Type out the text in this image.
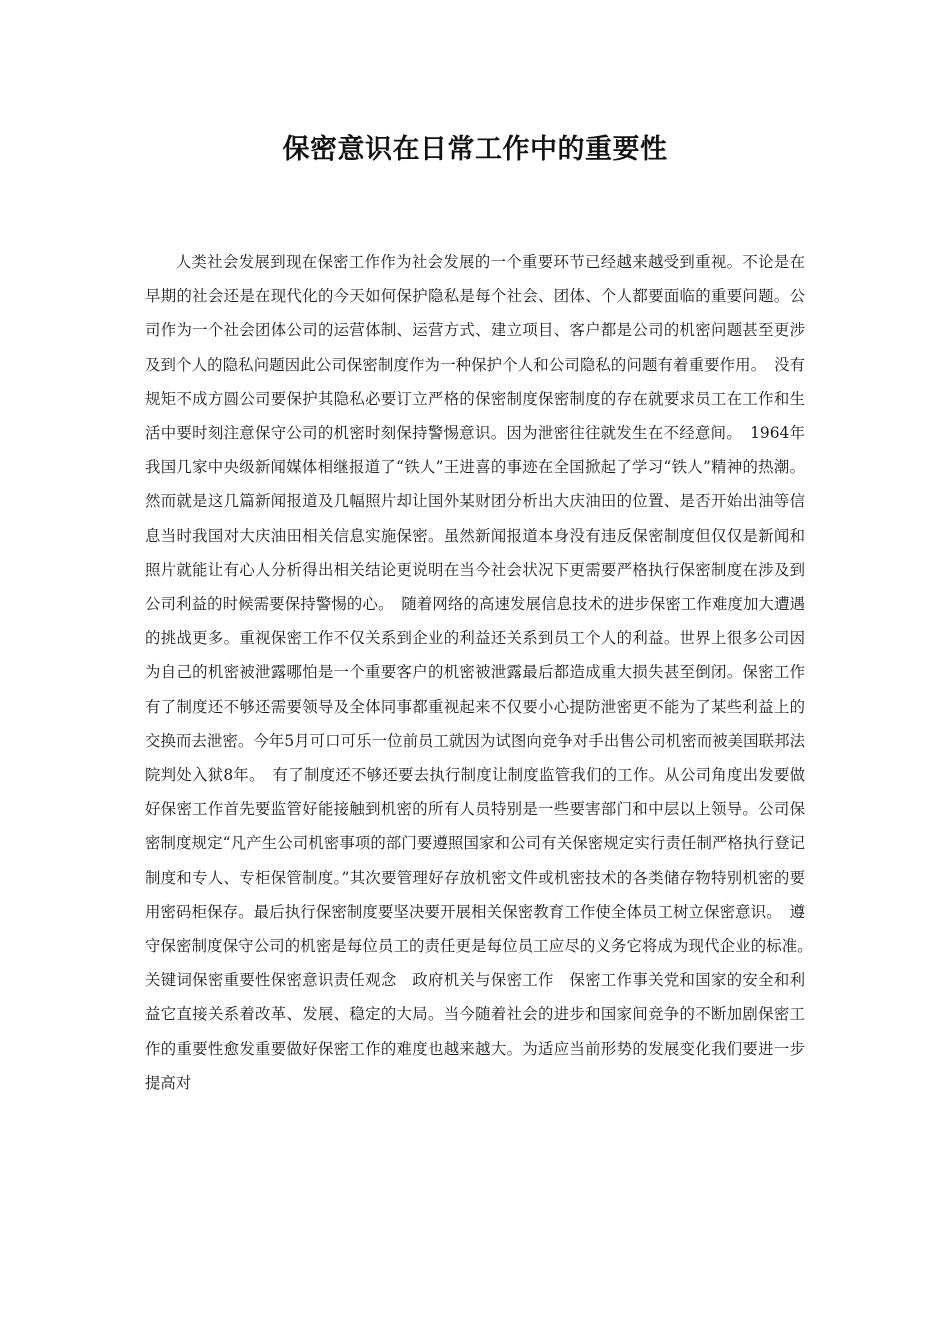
保密意识在日常工作中的重要性

人类社会发展到现在保密工作作为社会发展的一个重要环节已经越来越受到重视。不论是在早期的社会还是在现代化的今天如何保护隐私是每个社会、团体、个人都要面临的重要问题。公司作为一个社会团体公司的运营体制、运营方式、建立项目、客户都是公司的机密问题甚至更涉及到个人的隐私问题因此公司保密制度作为一种保护个人和公司隐私的问题有着重要作用。　没有规矩不成方圆公司要保护其隐私必要订立严格的保密制度保密制度的存在就要求员工在工作和生活中要时刻注意保守公司的机密时刻保持警惕意识。因为泄密往往就发生在不经意间。　1964年我国几家中央级新闻媒体相继报道了“铁人”王进喜的事迹在全国掀起了学习“铁人”精神的热潮。然而就是这几篇新闻报道及几幅照片却让国外某财团分析出大庆油田的位置、是否开始出油等信息当时我国对大庆油田相关信息实施保密。虽然新闻报道本身没有违反保密制度但仅仅是新闻和照片就能让有心人分析得出相关结论更说明在当今社会状况下更需要严格执行保密制度在涉及到公司利益的时候需要保持警惕的心。　随着网络的高速发展信息技术的进步保密工作难度加大遭遇的挑战更多。重视保密工作不仅关系到企业的利益还关系到员工个人的利益。世界上很多公司因为自己的机密被泄露哪怕是一个重要客户的机密被泄露最后都造成重大损失甚至倒闭。保密工作有了制度还不够还需要领导及全体同事都重视起来不仅要小心提防泄密更不能为了某些利益上的交换而去泄密。今年5月可口可乐一位前员工就因为试图向竞争对手出售公司机密而被美国联邦法院判处入狱8年。　有了制度还不够还要去执行制度让制度监管我们的工作。从公司角度出发要做好保密工作首先要监管好能接触到机密的所有人员特别是一些要害部门和中层以上领导。公司保密制度规定“凡产生公司机密事项的部门要遵照国家和公司有关保密规定实行责任制严格执行登记制度和专人、专柜保管制度。”其次要管理好存放机密文件或机密技术的各类储存物特别机密的要用密码柜保存。最后执行保密制度要坚决要开展相关保密教育工作使全体员工树立保密意识。　遵守保密制度保守公司的机密是每位员工的责任更是每位员工应尽的义务它将成为现代企业的标准。　关键词保密重要性保密意识责任观念　政府机关与保密工作　保密工作事关党和国家的安全和利益它直接关系着改革、发展、稳定的大局。当今随着社会的进步和国家间竞争的不断加剧保密工作的重要性愈发重要做好保密工作的难度也越来越大。为适应当前形势的发展变化我们要进一步提高对
